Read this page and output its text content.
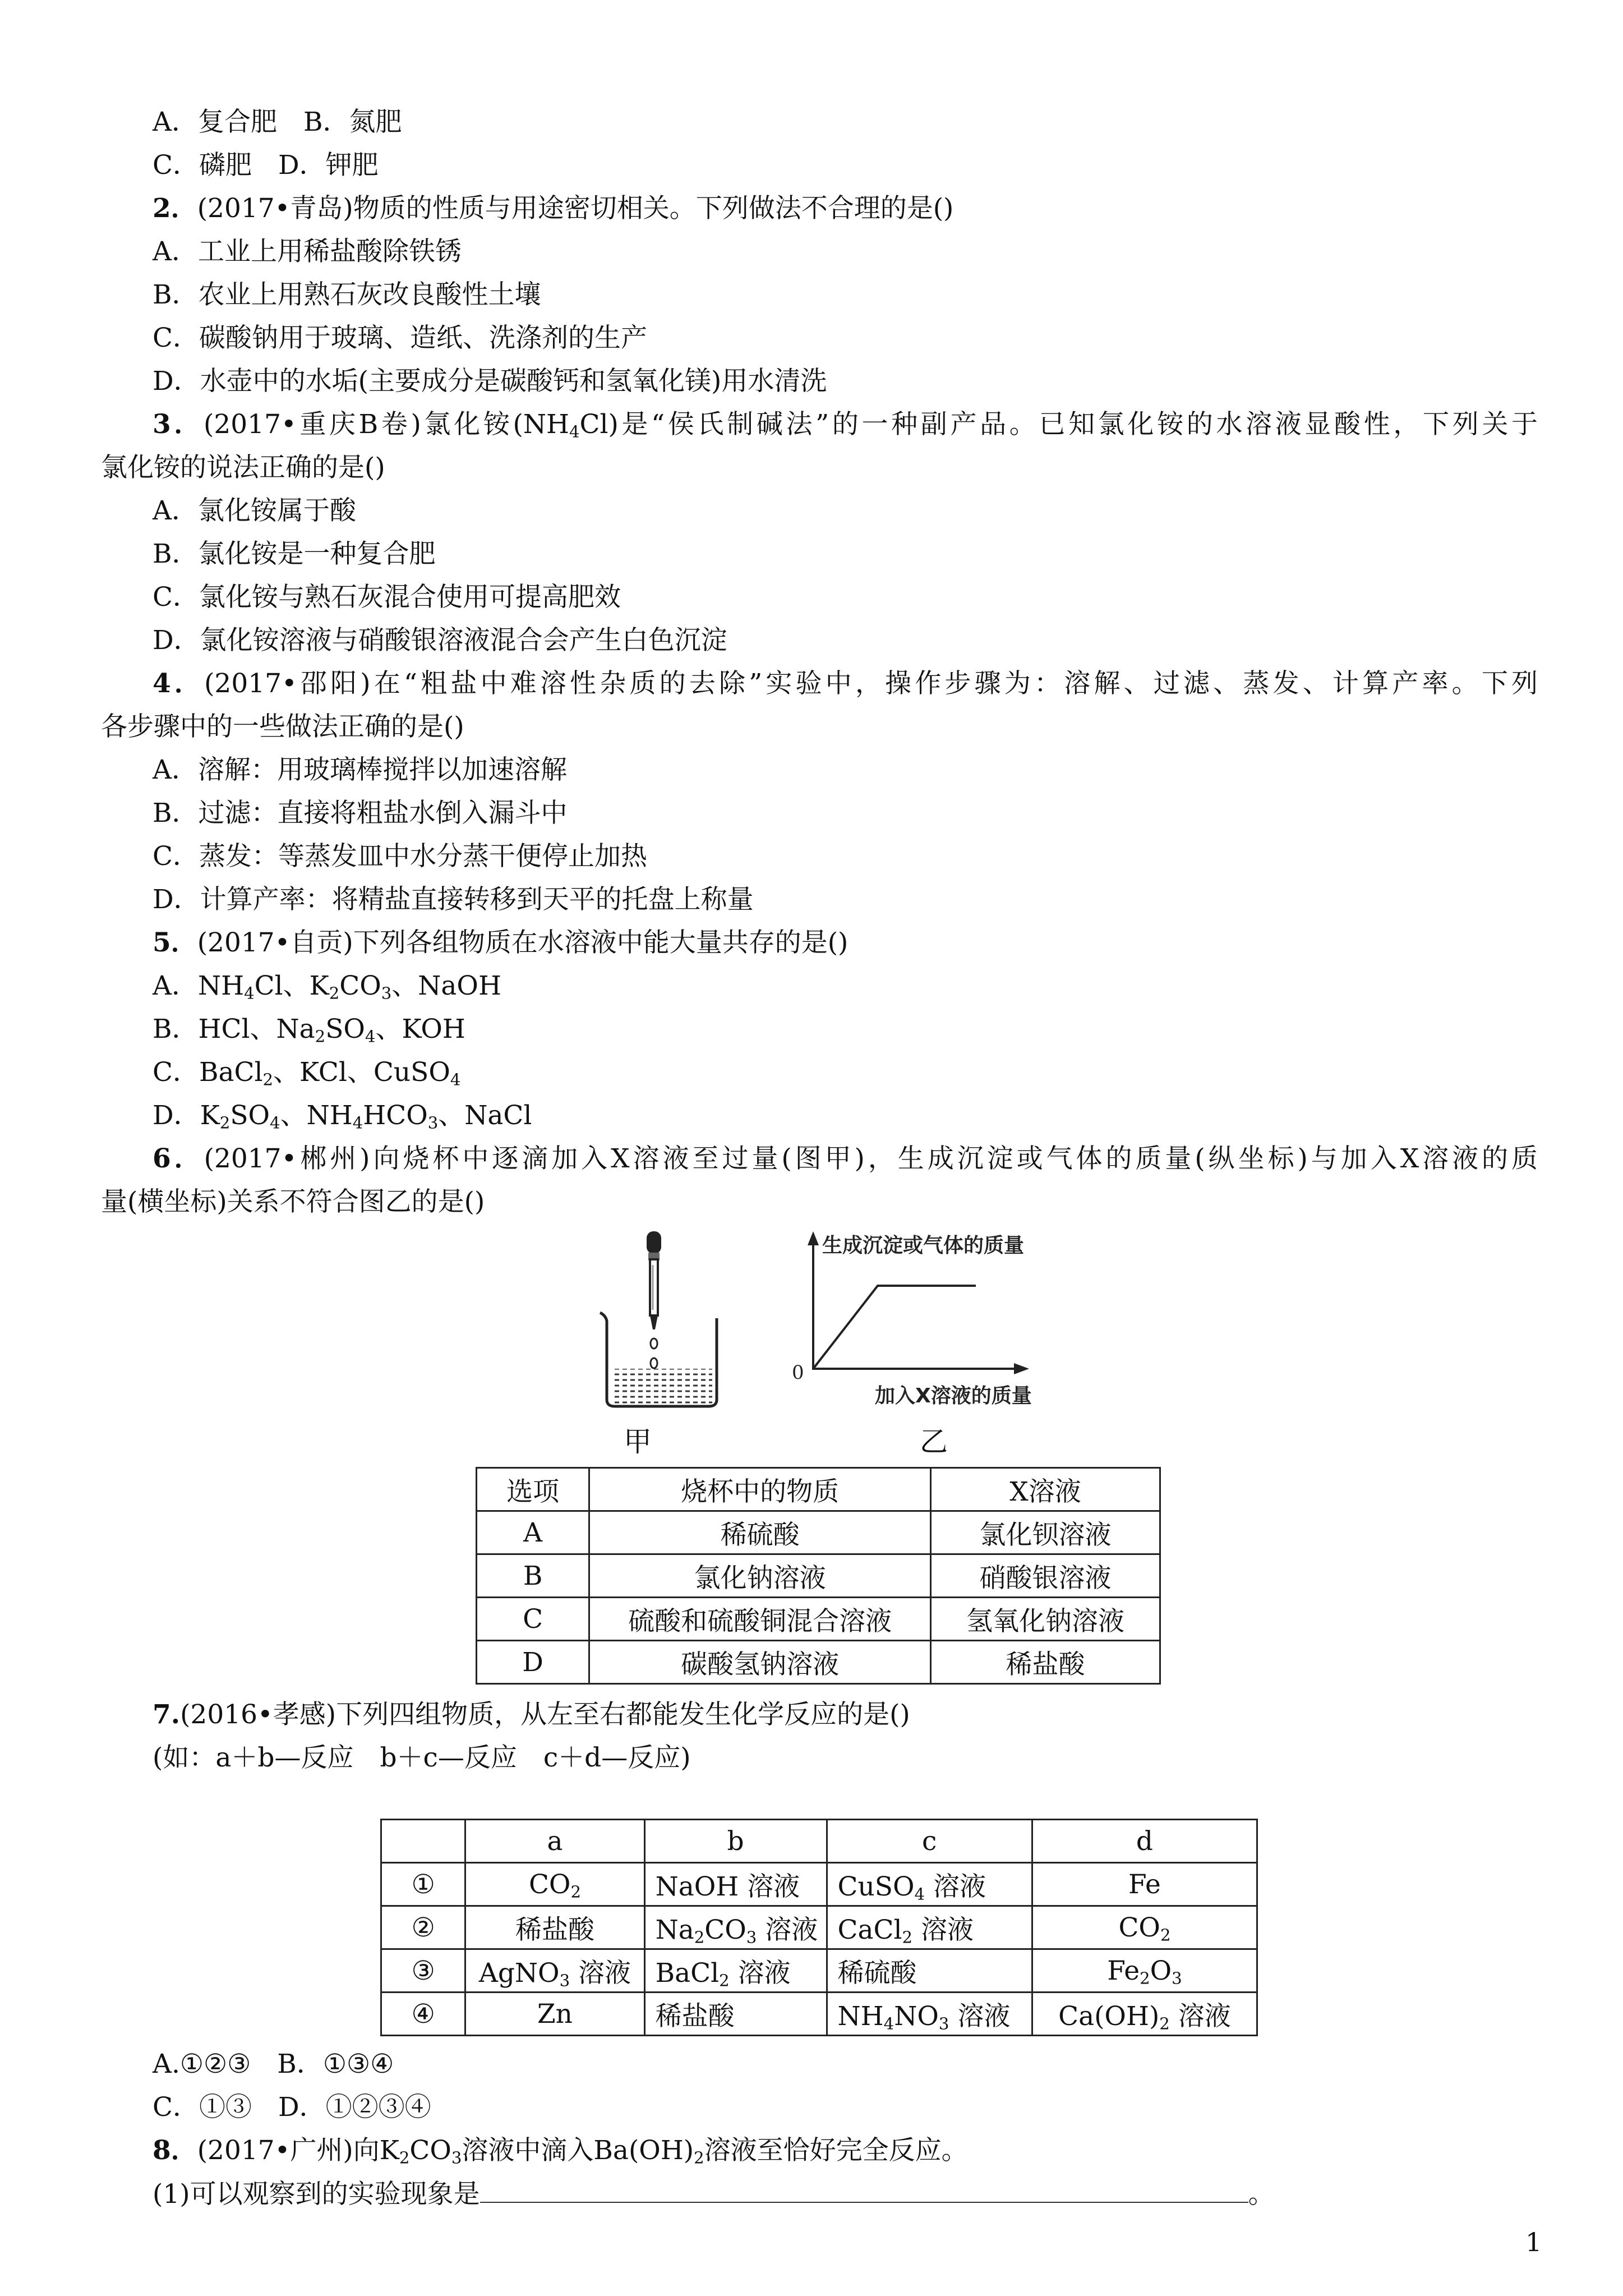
A．复合肥　B．氮肥
C．磷肥　D．钾肥
2．(2017•青岛)物质的性质与用途密切相关。下列做法不合理的是()
A．工业上用稀盐酸除铁锈
B．农业上用熟石灰改良酸性土壤
C．碳酸钠用于玻璃、造纸、洗涤剂的生产
D．水壶中的水垢(主要成分是碳酸钙和氢氧化镁)用水清洗
3．(2017•重庆B卷)氯化铵$(NH_4Cl)$是“侯氏制碱法”的一种副产品。已知氯化铵的水溶液显酸性，下列关于
氯化铵的说法正确的是()
A．氯化铵属于酸
B．氯化铵是一种复合肥
C．氯化铵与熟石灰混合使用可提高肥效
D．氯化铵溶液与硝酸银溶液混合会产生白色沉淀
4．(2017•邵阳)在“粗盐中难溶性杂质的去除”实验中，操作步骤为：溶解、过滤、蒸发、计算产率。下列
各步骤中的一些做法正确的是()
A．溶解：用玻璃棒搅拌以加速溶解
B．过滤：直接将粗盐水倒入漏斗中
C．蒸发：等蒸发皿中水分蒸干便停止加热
D．计算产率：将精盐直接转移到天平的托盘上称量
5．(2017•自贡)下列各组物质在水溶液中能大量共存的是()
A．$NH_4Cl$、$K_2CO_3$、NaOH
B．HCl、$Na_2SO_4$、KOH
C．BaCl$_2$、KCl、CuSO$_4$
D．$K_2SO_4$、$NH_4HCO_3$、NaCl
6．(2017•郴州)向烧杯中逐滴加入X溶液至过量(图甲)，生成沉淀或气体的质量(纵坐标)与加入X溶液的质
量(横坐标)关系不符合图乙的是()
甲
生成沉淀或气体的质量
0
加入X溶液的质量
乙
选项	烧杯中的物质	X溶液
A	稀硫酸	氯化钡溶液
B	氯化钠溶液	硝酸银溶液
C	硫酸和硫酸铜混合溶液	氢氧化钠溶液
D	碳酸氢钠溶液	稀盐酸
7.(2016•孝感)下列四组物质，从左至右都能发生化学反应的是()
(如：a＋b—反应　b＋c—反应　c＋d—反应)
	a	b	c	d
①	$CO_2$	NaOH 溶液	CuSO$_4$ 溶液	Fe
②	稀盐酸	$Na_2CO_3$ 溶液	CaCl$_2$ 溶液	$CO_2$
③	AgNO$_3$ 溶液	BaCl$_2$ 溶液	稀硫酸	$Fe_2O_3$
④	Zn	稀盐酸	$NH_4NO_3$ 溶液	$Ca(OH)_2$ 溶液
A.①②③　B．①③④
C．①③　D．①②③④
8．(2017•广州)向$K_2CO_3$溶液中滴入$Ba(OH)_2$溶液至恰好完全反应。
(1)可以观察到的实验现象是	。
1
